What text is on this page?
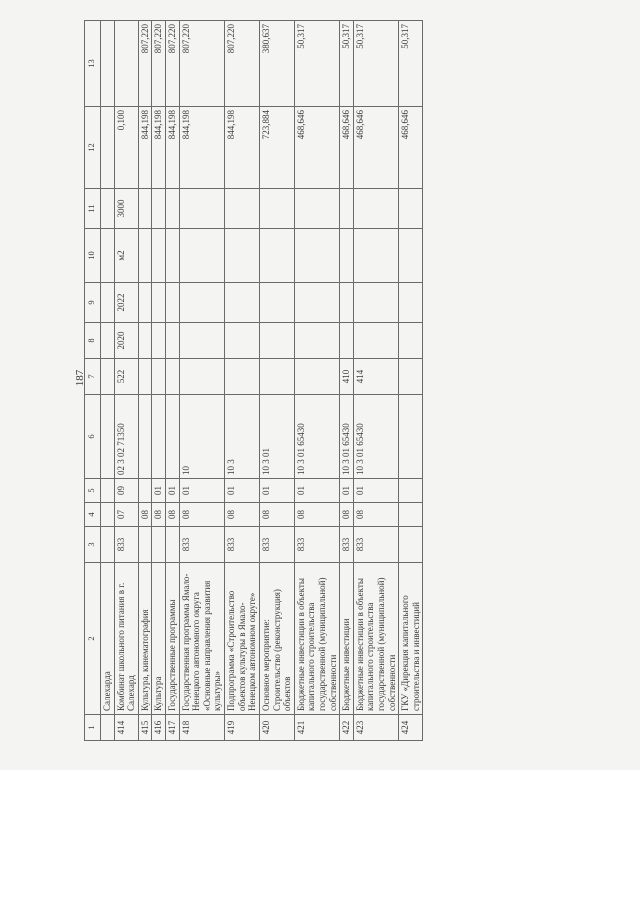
187
1	2	3	4	5	6	7	8	9	10	11	12	13
	Салехарда											
414	Комбинат школьного питания в г. Салехард	833	07	09	02 3 02 71350	522	2020	2022	м2	3000	0,100	
415	Культура, кинематография		08								844,198	807,220
416	Культура		08	01							844,198	807,220
417	Государственные программы		08	01							844,198	807,220
418	Государственная программа Ямало-Ненецкого автономного округа «Основные направления развития культуры»	833	08	01	10						844,198	807,220
419	Подпрограмма «Строительство объектов культуры в Ямало-Ненецком автономном округе»	833	08	01	10 3						844,198	807,220
420	Основное мероприятие: Строительство (реконструкция) объектов	833	08	01	10 3 01						723,884	380,637
421	Бюджетные инвестиции в объекты капитального строительства государственной (муниципальной) собственности	833	08	01	10 3 01 65430						468,646	50,317
422	Бюджетные инвестиции	833	08	01	10 3 01 65430	410					468,646	50,317
423	Бюджетные инвестиции в объекты капитального строительства государственной (муниципальной) собственности	833	08	01	10 3 01 65430	414					468,646	50,317
424	ГКУ «Дирекция капитального строительства и инвестиций										468,646	50,317
